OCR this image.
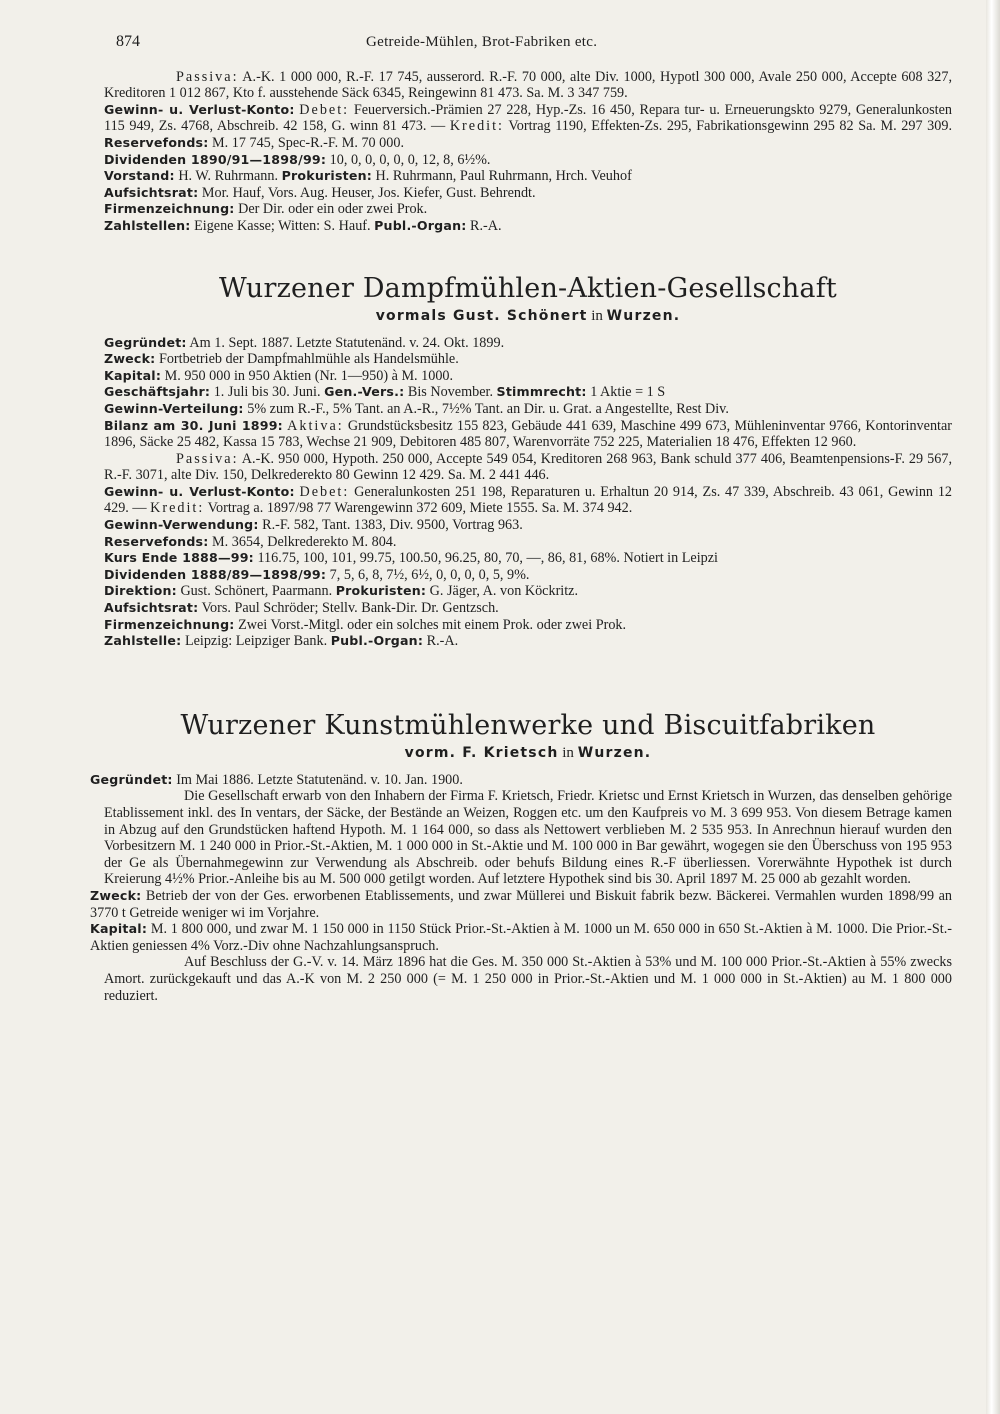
874	Getreide-Mühlen, Brot-Fabriken etc.

Passiva: A.-K. 1 000 000, R.-F. 17 745, ausserord. R.-F. 70 000, alte Div. 1000, Hypotl 300 000, Avale 250 000, Accepte 608 327, Kreditoren 1 012 867, Kto f. ausstehende Säck 6345, Reingewinn 81 473. Sa. M. 3 347 759.

Gewinn- u. Verlust-Konto: Debet: Feuerversich.-Prämien 27 228, Hyp.-Zs. 16 450, Repara tur- u. Erneuerungskto 9279, Generalunkosten 115 949, Zs. 4768, Abschreib. 42 158, G. winn 81 473. — Kredit: Vortrag 1190, Effekten-Zs. 295, Fabrikationsgewinn 295 82 Sa. M. 297 309. Reservefonds: M. 17 745, Spec-R.-F. M. 70 000.

Dividenden 1890/91—1898/99: 10, 0, 0, 0, 0, 0, 12, 8, 6½%.

Vorstand: H. W. Ruhrmann. Prokuristen: H. Ruhrmann, Paul Ruhrmann, Hrch. Veuhof

Aufsichtsrat: Mor. Hauf, Vors. Aug. Heuser, Jos. Kiefer, Gust. Behrendt.

Firmenzeichnung: Der Dir. oder ein oder zwei Prok.

Zahlstellen: Eigene Kasse; Witten: S. Hauf. Publ.-Organ: R.-A.

Wurzener Dampfmühlen-Aktien-Gesellschaft
vormals Gust. Schönert in Wurzen.

Gegründet: Am 1. Sept. 1887. Letzte Statutenänd. v. 24. Okt. 1899.

Zweck: Fortbetrieb der Dampfmahlmühle als Handelsmühle.

Kapital: M. 950 000 in 950 Aktien (Nr. 1—950) à M. 1000.

Geschäftsjahr: 1. Juli bis 30. Juni. Gen.-Vers.: Bis November. Stimmrecht: 1 Aktie = 1 S

Gewinn-Verteilung: 5% zum R.-F., 5% Tant. an A.-R., 7½% Tant. an Dir. u. Grat. a Angestellte, Rest Div.

Bilanz am 30. Juni 1899: Aktiva: Grundstücksbesitz 155 823, Gebäude 441 639, Maschine 499 673, Mühleninventar 9766, Kontorinventar 1896, Säcke 25 482, Kassa 15 783, Wechse 21 909, Debitoren 485 807, Warenvorräte 752 225, Materialien 18 476, Effekten 12 960.

Passiva: A.-K. 950 000, Hypoth. 250 000, Accepte 549 054, Kreditoren 268 963, Bank schuld 377 406, Beamtenpensions-F. 29 567, R.-F. 3071, alte Div. 150, Delkrederekto 80 Gewinn 12 429. Sa. M. 2 441 446.

Gewinn- u. Verlust-Konto: Debet: Generalunkosten 251 198, Reparaturen u. Erhaltun 20 914, Zs. 47 339, Abschreib. 43 061, Gewinn 12 429. — Kredit: Vortrag a. 1897/98 77 Warengewinn 372 609, Miete 1555. Sa. M. 374 942.

Gewinn-Verwendung: R.-F. 582, Tant. 1383, Div. 9500, Vortrag 963.

Reservefonds: M. 3654, Delkrederekto M. 804.

Kurs Ende 1888—99: 116.75, 100, 101, 99.75, 100.50, 96.25, 80, 70, —, 86, 81, 68%. Notiert in Leipzi

Dividenden 1888/89—1898/99: 7, 5, 6, 8, 7½, 6½, 0, 0, 0, 0, 5, 9%.

Direktion: Gust. Schönert, Paarmann. Prokuristen: G. Jäger, A. von Köckritz.

Aufsichtsrat: Vors. Paul Schröder; Stellv. Bank-Dir. Dr. Gentzsch.

Firmenzeichnung: Zwei Vorst.-Mitgl. oder ein solches mit einem Prok. oder zwei Prok.

Zahlstelle: Leipzig: Leipziger Bank. Publ.-Organ: R.-A.

Wurzener Kunstmühlenwerke und Biscuitfabriken
vorm. F. Krietsch in Wurzen.

Gegründet: Im Mai 1886. Letzte Statutenänd. v. 10. Jan. 1900.

Die Gesellschaft erwarb von den Inhabern der Firma F. Krietsch, Friedr. Krietsc und Ernst Krietsch in Wurzen, das denselben gehörige Etablissement inkl. des In ventars, der Säcke, der Bestände an Weizen, Roggen etc. um den Kaufpreis vo M. 3 699 953. Von diesem Betrage kamen in Abzug auf den Grundstücken haftend Hypoth. M. 1 164 000, so dass als Nettowert verblieben M. 2 535 953. In Anrechnun hierauf wurden den Vorbesitzern M. 1 240 000 in Prior.-St.-Aktien, M. 1 000 000 in St.-Aktie und M. 100 000 in Bar gewährt, wogegen sie den Überschuss von 195 953 der Ge als Übernahmegewinn zur Verwendung als Abschreib. oder behufs Bildung eines R.-F überliessen. Vorerwähnte Hypothek ist durch Kreierung 4½% Prior.-Anleihe bis au M. 500 000 getilgt worden. Auf letztere Hypothek sind bis 30. April 1897 M. 25 000 ab gezahlt worden.

Zweck: Betrieb der von der Ges. erworbenen Etablissements, und zwar Müllerei und Biskuit fabrik bezw. Bäckerei. Vermahlen wurden 1898/99 an 3770 t Getreide weniger wi im Vorjahre.

Kapital: M. 1 800 000, und zwar M. 1 150 000 in 1150 Stück Prior.-St.-Aktien à M. 1000 un M. 650 000 in 650 St.-Aktien à M. 1000. Die Prior.-St.-Aktien geniessen 4% Vorz.-Div ohne Nachzahlungsanspruch.

Auf Beschluss der G.-V. v. 14. März 1896 hat die Ges. M. 350 000 St.-Aktien à 53% und M. 100 000 Prior.-St.-Aktien à 55% zwecks Amort. zurückgekauft und das A.-K von M. 2 250 000 (= M. 1 250 000 in Prior.-St.-Aktien und M. 1 000 000 in St.-Aktien) au M. 1 800 000 reduziert.
